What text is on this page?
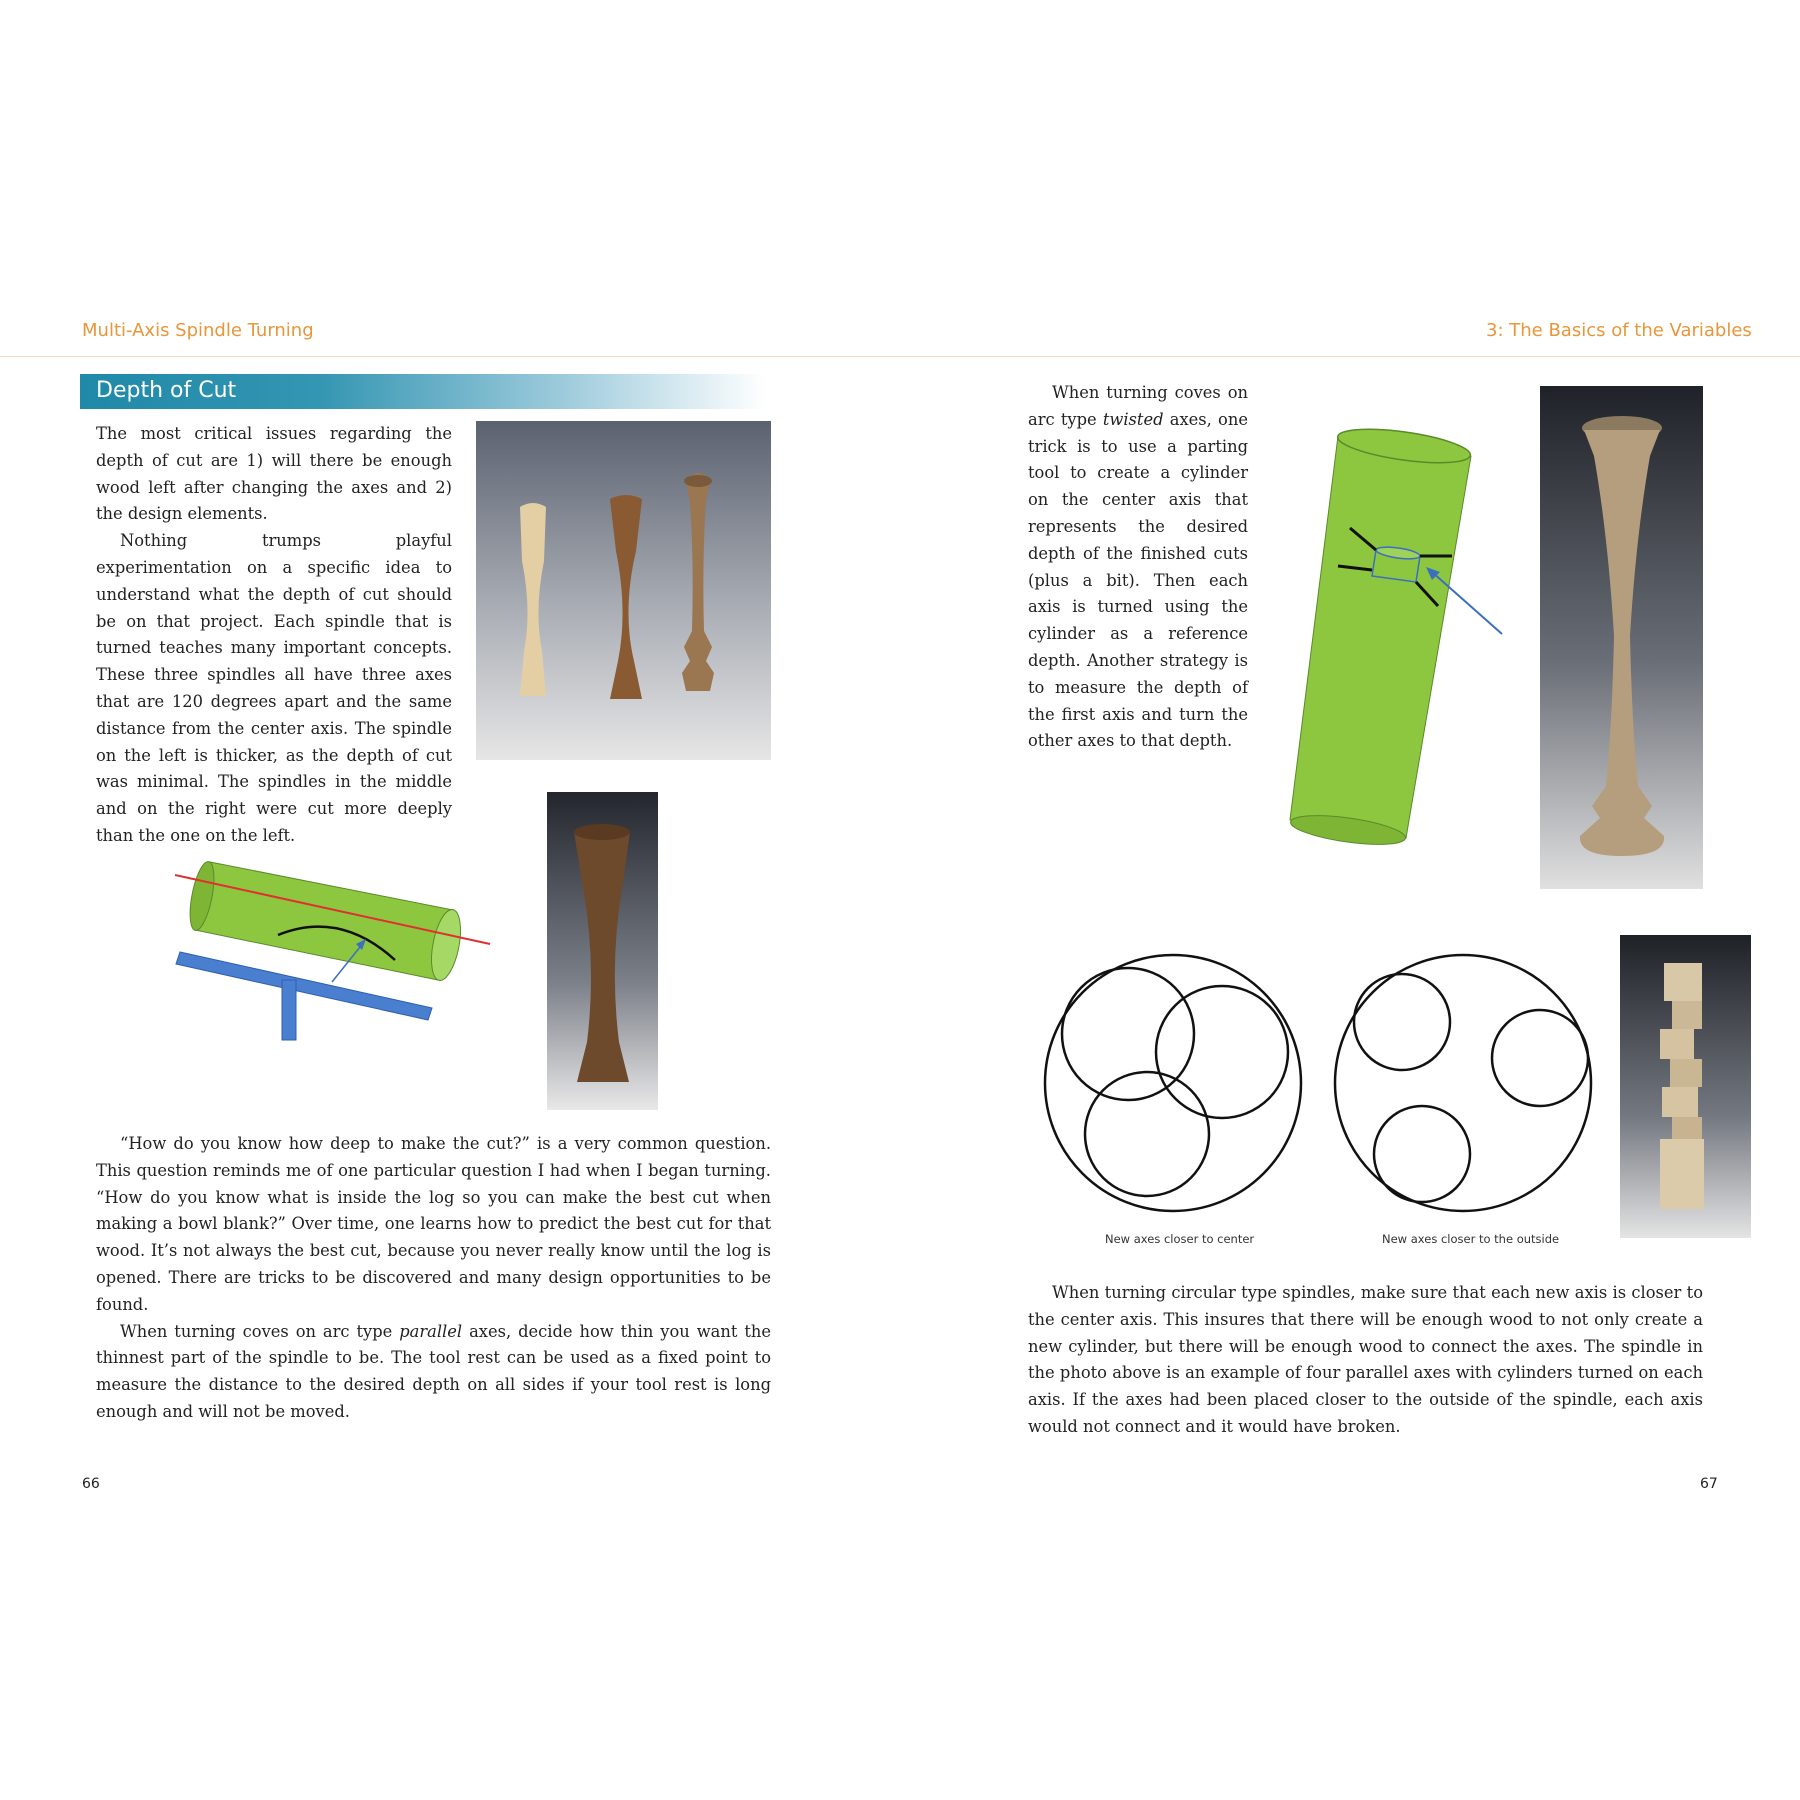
Multi-Axis Spindle Turning	3: The Basics of the Variables
Depth of Cut

The most critical issues regarding the depth of cut are 1) will there be enough wood left after changing the axes and 2) the design elements.

Nothing trumps playful experimentation on a specific idea to understand what the depth of cut should be on that project. Each spindle that is turned teaches many important concepts. These three spindles all have three axes that are 120 degrees apart and the same distance from the center axis. The spindle on the left is thicker, as the depth of cut was minimal. The spindles in the middle and on the right were cut more deeply than the one on the left.

“How do you know how deep to make the cut?” is a very common question. This question reminds me of one particular question I had when I began turning. “How do you know what is inside the log so you can make the best cut when making a bowl blank?” Over time, one learns how to predict the best cut for that wood. It’s not always the best cut, because you never really know until the log is opened. There are tricks to be discovered and many design opportunities to be found.

When turning coves on arc type parallel axes, decide how thin you want the thinnest part of the spindle to be. The tool rest can be used as a fixed point to measure the distance to the desired depth on all sides if your tool rest is long enough and will not be moved.

66

When turning coves on arc type twisted axes, one trick is to use a parting tool to create a cylinder on the center axis that represents the desired depth of the finished cuts (plus a bit). Then each axis is turned using the cylinder as a reference depth. Another strategy is to measure the depth of the first axis and turn the other axes to that depth.

New axes closer to center	New axes closer to the outside

When turning circular type spindles, make sure that each new axis is closer to the center axis. This insures that there will be enough wood to not only create a new cylinder, but there will be enough wood to connect the axes. The spindle in the photo above is an example of four parallel axes with cylinders turned on each axis. If the axes had been placed closer to the outside of the spindle, each axis would not connect and it would have broken.

67
